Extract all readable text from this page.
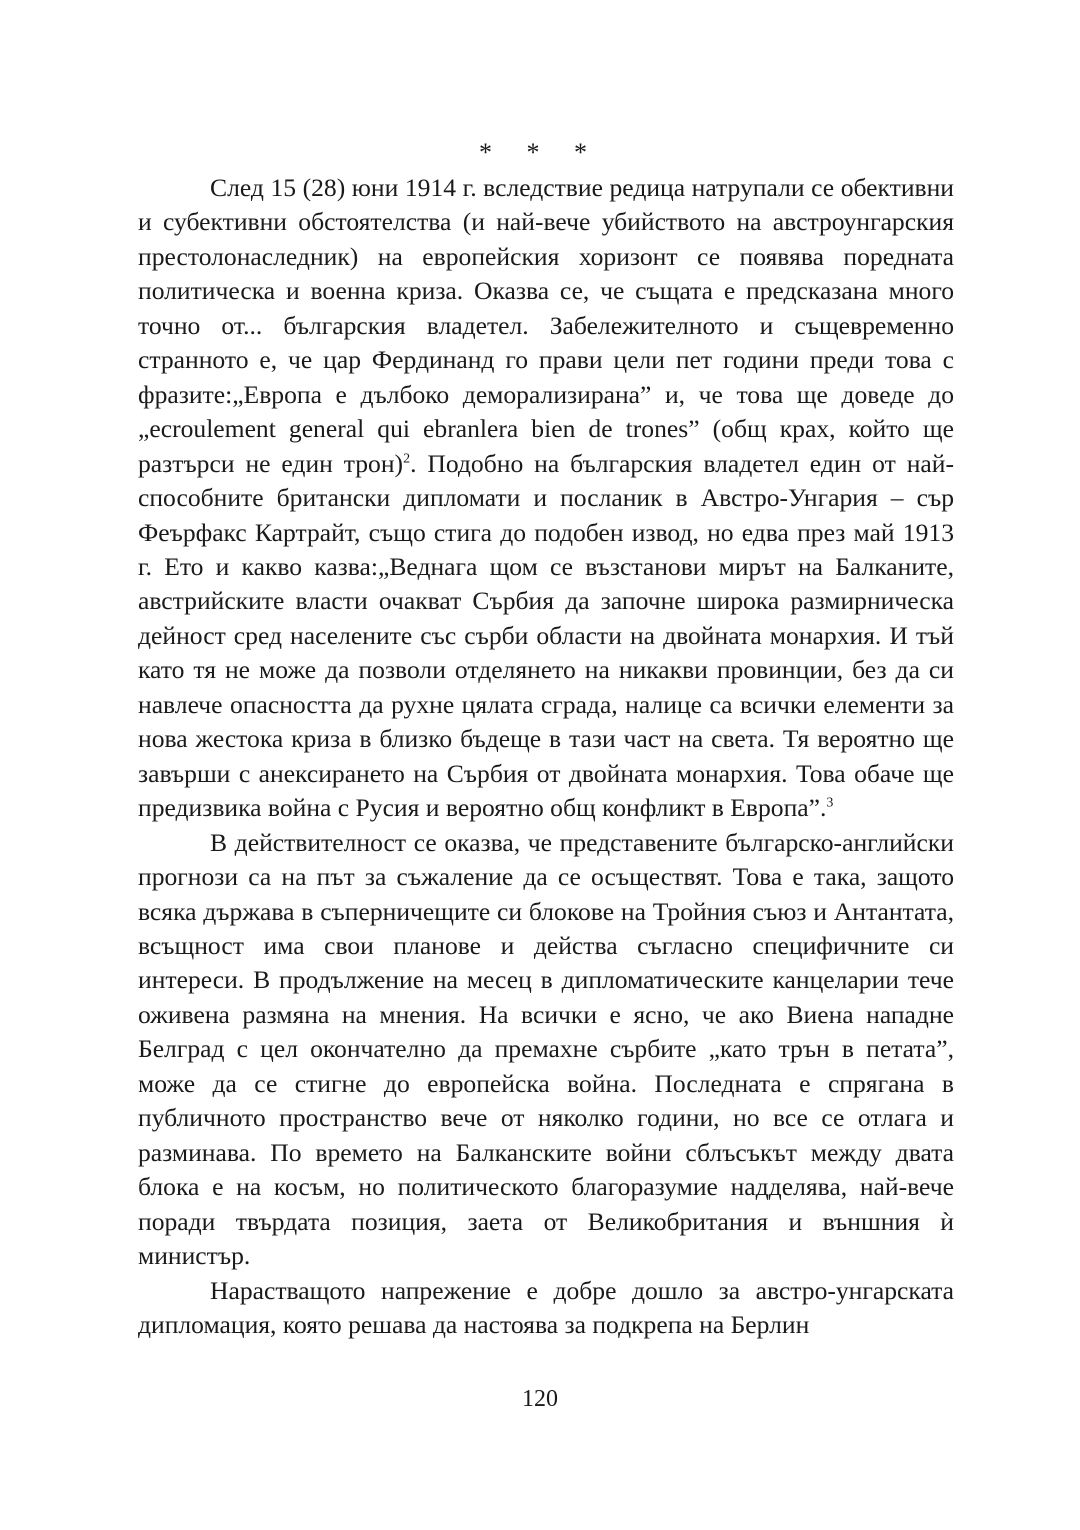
* * *

След 15 (28) юни 1914 г. вследствие редица натрупали се обективни и субективни обстоятелства (и най-вече убийството на австроунгарския престолонаследник) на европейския хоризонт се появява поредната политическа и военна криза. Оказва се, че същата е предсказана много точно от... българския владетел. Забележителното и същевременно странното е, че цар Фердинанд го прави цели пет години преди това с фразите:„Европа е дълбоко деморализирана” и, че това ще доведе до „ecroulement general qui ebranlera bien de trones” (общ крах, който ще разтърси не един трон)$^2$. Подобно на българския владетел един от най-способните британски дипломати и посланик в Австро-Унгария – сър Феърфакс Картрайт, също стига до подобен извод, но едва през май 1913 г. Ето и какво казва:„Веднага щом се възстанови мирът на Балканите, австрийските власти очакват Сърбия да започне широка размирническа дейност сред населените със сърби области на двойната монархия. И тъй като тя не може да позволи отделянето на никакви провинции, без да си навлече опасността да рухне цялата сграда, налице са всички елементи за нова жестока криза в близко бъдеще в тази част на света. Тя вероятно ще завърши с анексирането на Сърбия от двойната монархия. Това обаче ще предизвика война с Русия и вероятно общ конфликт в Европа”.$^3$

В действителност се оказва, че представените българско-английски прогнози са на път за съжаление да се осъществят. Това е така, защото всяка държава в съперничещите си блокове на Тройния съюз и Антантата, всъщност има свои планове и действа съгласно специфичните си интереси. В продължение на месец в дипломатическите канцеларии тече оживена размяна на мнения. На всички е ясно, че ако Виена нападне Белград с цел окончателно да премахне сърбите „като трън в петата”, може да се стигне до европейска война. Последната е спрягана в публичното пространство вече от няколко години, но все се отлага и разминава. По времето на Балканските войни сблъсъкът между двата блока е на косъм, но политическото благоразумие надделява, най-вече поради твърдата позиция, заета от Великобритания и външния ѝ министър.

Нарастващото напрежение е добре дошло за австро-унгарската дипломация, която решава да настоява за подкрепа на Берлин

120
